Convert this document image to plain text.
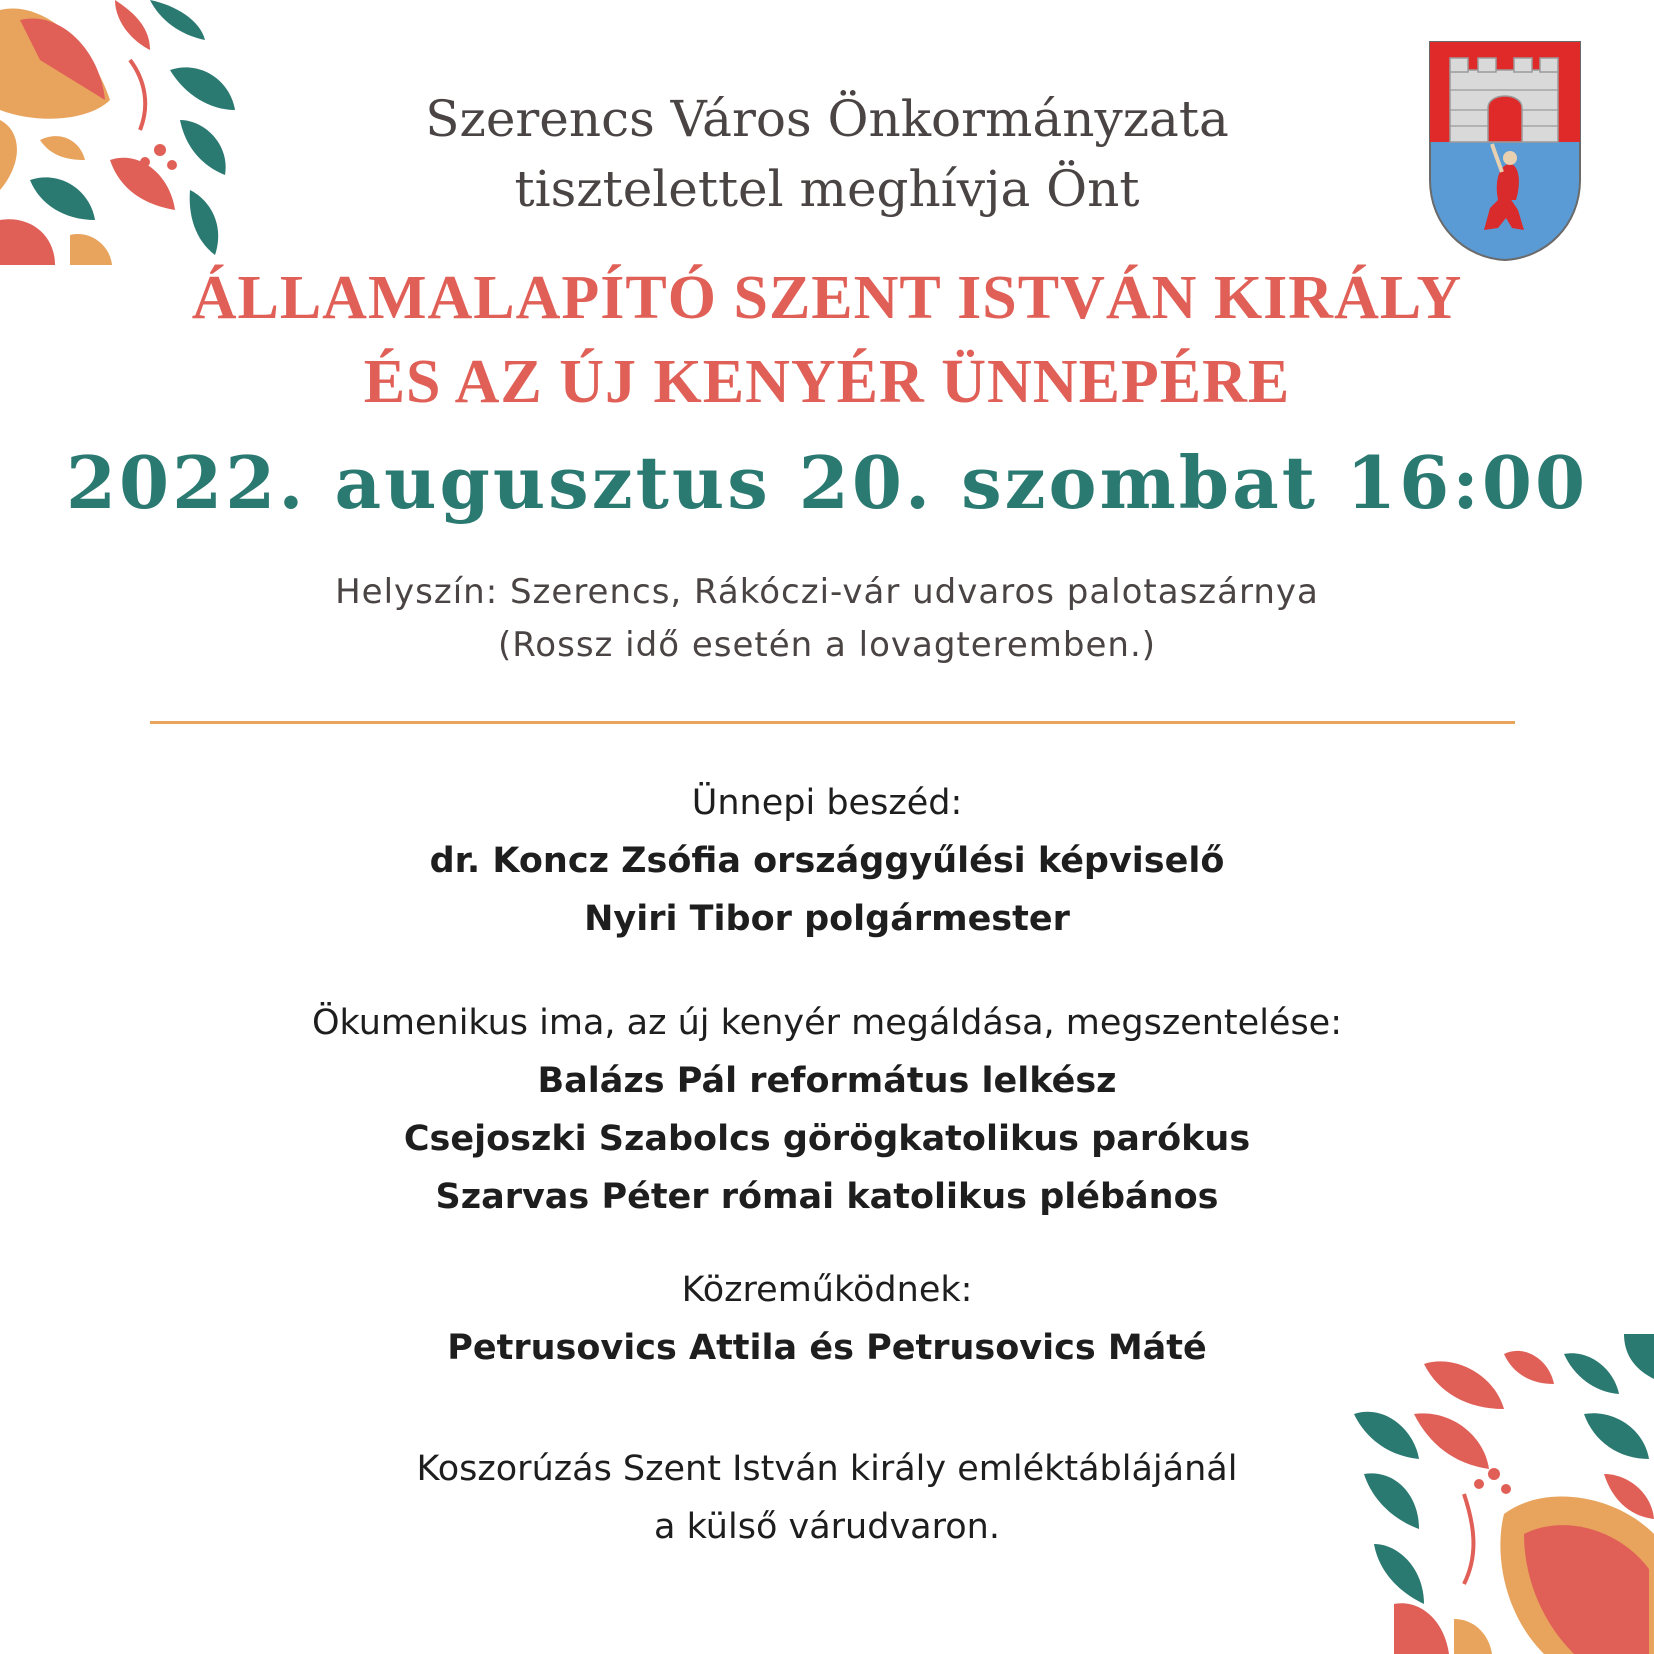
Szerencs Város Önkormányzata
tisztelettel meghívja Önt
ÁLLAMALAPÍTÓ SZENT ISTVÁN KIRÁLY
ÉS AZ ÚJ KENYÉR ÜNNEPÉRE
2022. augusztus 20. szombat 16:00
Helyszín: Szerencs, Rákóczi-vár udvaros palotaszárnya
(Rossz idő esetén a lovagteremben.)
Ünnepi beszéd:
dr. Koncz Zsófia országgyűlési képviselő
Nyiri Tibor polgármester
Ökumenikus ima, az új kenyér megáldása, megszentelése:
Balázs Pál református lelkész
Csejoszki Szabolcs görögkatolikus parókus
Szarvas Péter római katolikus plébános
Közreműködnek:
Petrusovics Attila és Petrusovics Máté
Koszorúzás Szent István király emléktáblájánál
a külső várudvaron.
